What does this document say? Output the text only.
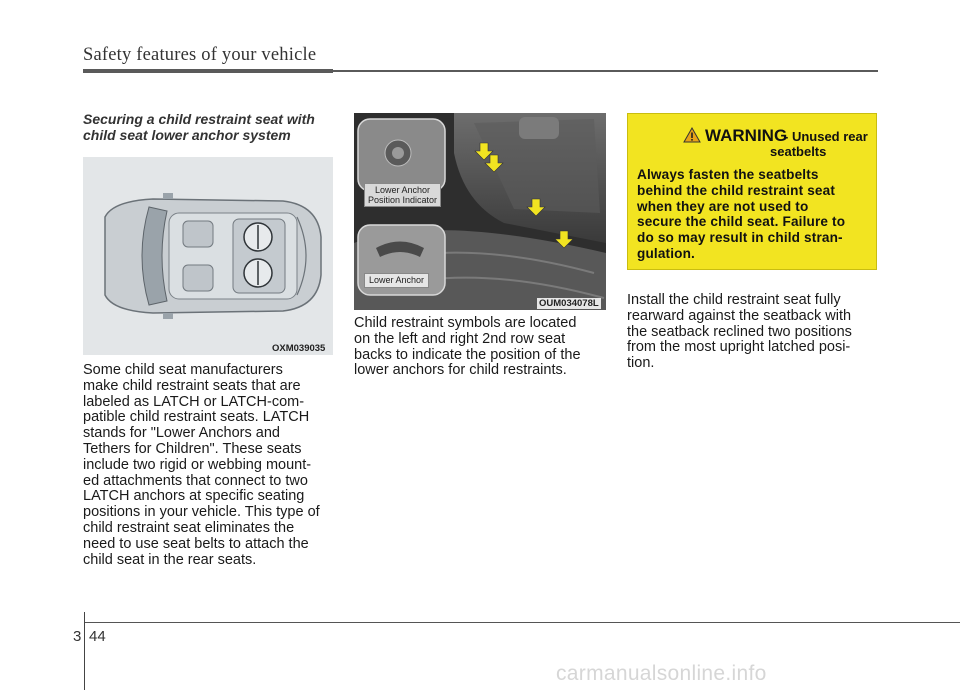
Safety features of your vehicle
Securing a child restraint seat with
child seat lower anchor system
OXM039035
Some child seat manufacturers
make child restraint seats that are
labeled as LATCH or LATCH-com-
patible child restraint seats. LATCH
stands for "Lower Anchors and
Tethers for Children". These seats
include two rigid or webbing mount-
ed attachments that connect to two
LATCH anchors at specific seating
positions in your vehicle. This type of
child restraint seat eliminates the
need to use seat belts to attach the
child seat in the rear seats.
Lower Anchor
Position Indicator
Lower Anchor
OUM034078L
Child restraint symbols are located
on the left and right 2nd row seat
backs to indicate the position of the
lower anchors for child restraints.
WARNING
- Unused rear
seatbelts
Always fasten the seatbelts
behind the child restraint seat
when they are not used to
secure the child seat. Failure to
do so may result in child stran-
gulation.
Install the child restraint seat fully
rearward against the seatback with
the seatback reclined two positions
from the most upright latched posi-
tion.
3 44
carmanualsonline.info
